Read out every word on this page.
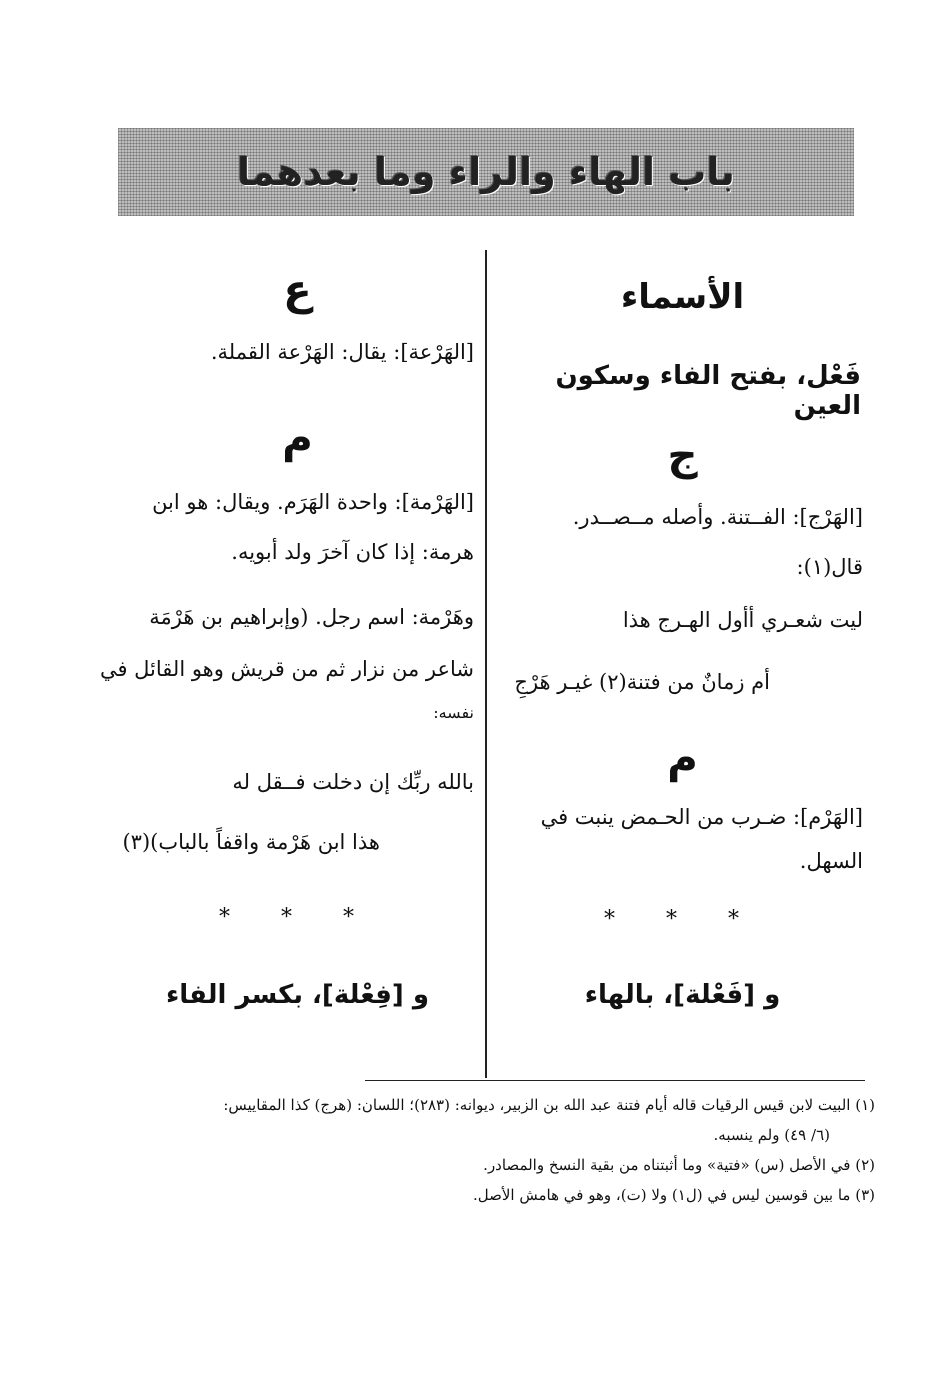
باب الهاء والراء وما بعدهما
الأسماء
فَعْل، بفتح الفاء وسكون العين
ج
[الهَرْج]: الفــتنة. وأصله مــصــدر.
قال(١):
ليت شعـري أأول الهـرج هذا
أم زمانٌ من فتنة(٢) غيـر هَرْجِ
م
[الهَرْم]: ضـرب من الحـمض ينبت في
السهل.
* * *
و [فَعْلة]، بالهاء
ع
[الهَرْعة]: يقال: الهَرْعة القملة.
م
[الهَرْمة]: واحدة الهَرَم. ويقال: هو ابن
هرمة: إذا كان آخرَ ولد أبويه.
وهَرْمة: اسم رجل. (وإبراهيم بن هَرْمَة
شاعر من نزار ثم من قريش وهو القائل في
نفسه:
بالله ربِّك إن دخلت فــقل له
هذا ابن هَرْمة واقفاً بالباب)(٣)
* * *
و [فِعْلة]، بكسر الفاء
(١) البيت لابن قيس الرقيات قاله أيام فتنة عبد الله بن الزبير، ديوانه: (٢٨٣)؛ اللسان: (هرج) كذا المقاييس:
(٦/ ٤٩) ولم ينسبه.
(٢) في الأصل (س) «فتية» وما أثبتناه من بقية النسخ والمصادر.
(٣) ما بين قوسين ليس في (ل١) ولا (ت)، وهو في هامش الأصل.
